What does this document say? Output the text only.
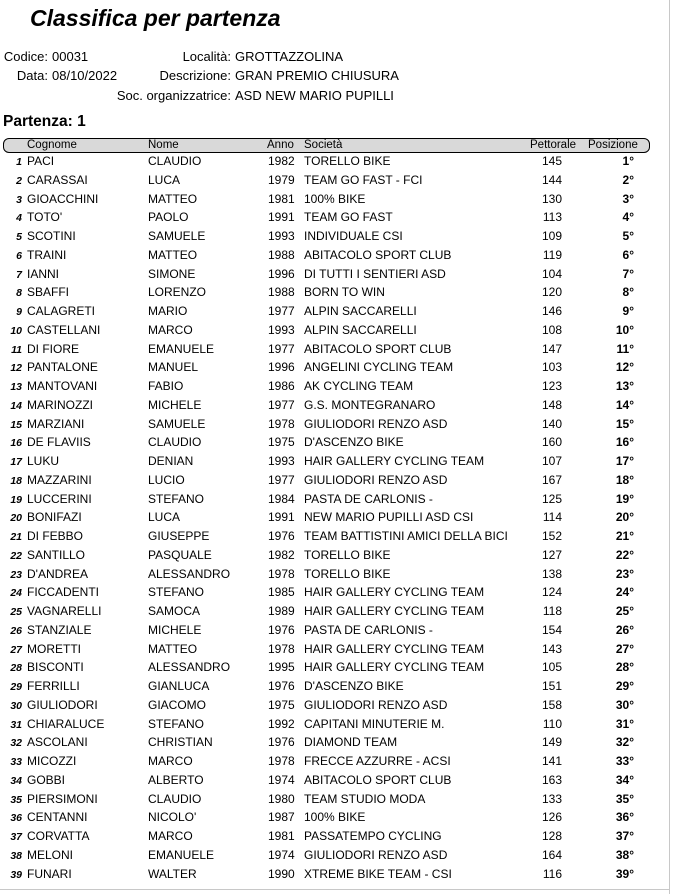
Classifica per partenza
Codice: 00031
Data: 08/10/2022
Località: GROTTAZZOLINA
Descrizione: GRAN PREMIO CHIUSURA
Soc. organizzatrice: ASD NEW MARIO PUPILLI
Partenza: 1
Cognome	Nome	Anno Società	Pettorale Posizione
1 PACI	CLAUDIO	1982 TORELLO BIKE	145	1°
2 CARASSAI	LUCA	1979 TEAM GO FAST - FCI	144	2°
3 GIOACCHINI	MATTEO	1981 100% BIKE	130	3°
4 TOTO'	PAOLO	1991 TEAM GO FAST	113	4°
5 SCOTINI	SAMUELE	1993 INDIVIDUALE CSI	109	5°
6 TRAINI	MATTEO	1988 ABITACOLO SPORT CLUB	119	6°
7 IANNI	SIMONE	1996 DI TUTTI I SENTIERI ASD	104	7°
8 SBAFFI	LORENZO	1988 BORN TO WIN	120	8°
9 CALAGRETI	MARIO	1977 ALPIN SACCARELLI	146	9°
10 CASTELLANI	MARCO	1993 ALPIN SACCARELLI	108	10°
11 DI FIORE	EMANUELE	1977 ABITACOLO SPORT CLUB	147	11°
12 PANTALONE	MANUEL	1996 ANGELINI CYCLING TEAM	103	12°
13 MANTOVANI	FABIO	1986 AK CYCLING TEAM	123	13°
14 MARINOZZI	MICHELE	1977 G.S. MONTEGRANARO	148	14°
15 MARZIANI	SAMUELE	1978 GIULIODORI RENZO ASD	140	15°
16 DE FLAVIIS	CLAUDIO	1975 D'ASCENZO BIKE	160	16°
17 LUKU	DENIAN	1993 HAIR GALLERY CYCLING TEAM	107	17°
18 MAZZARINI	LUCIO	1977 GIULIODORI RENZO ASD	167	18°
19 LUCCERINI	STEFANO	1984 PASTA DE CARLONIS -	125	19°
20 BONIFAZI	LUCA	1991 NEW MARIO PUPILLI ASD CSI	114	20°
21 DI FEBBO	GIUSEPPE	1976 TEAM BATTISTINI AMICI DELLA BICI	152	21°
22 SANTILLO	PASQUALE	1982 TORELLO BIKE	127	22°
23 D'ANDREA	ALESSANDRO	1978 TORELLO BIKE	138	23°
24 FICCADENTI	STEFANO	1985 HAIR GALLERY CYCLING TEAM	124	24°
25 VAGNARELLI	SAMOCA	1989 HAIR GALLERY CYCLING TEAM	118	25°
26 STANZIALE	MICHELE	1976 PASTA DE CARLONIS -	154	26°
27 MORETTI	MATTEO	1978 HAIR GALLERY CYCLING TEAM	143	27°
28 BISCONTI	ALESSANDRO	1995 HAIR GALLERY CYCLING TEAM	105	28°
29 FERRILLI	GIANLUCA	1976 D'ASCENZO BIKE	151	29°
30 GIULIODORI	GIACOMO	1975 GIULIODORI RENZO ASD	158	30°
31 CHIARALUCE	STEFANO	1992 CAPITANI MINUTERIE M.	110	31°
32 ASCOLANI	CHRISTIAN	1976 DIAMOND TEAM	149	32°
33 MICOZZI	MARCO	1978 FRECCE AZZURRE - ACSI	141	33°
34 GOBBI	ALBERTO	1974 ABITACOLO SPORT CLUB	163	34°
35 PIERSIMONI	CLAUDIO	1980 TEAM STUDIO MODA	133	35°
36 CENTANNI	NICOLO'	1987 100% BIKE	126	36°
37 CORVATTA	MARCO	1981 PASSATEMPO CYCLING	128	37°
38 MELONI	EMANUELE	1974 GIULIODORI RENZO ASD	164	38°
39 FUNARI	WALTER	1990 XTREME BIKE TEAM - CSI	116	39°
